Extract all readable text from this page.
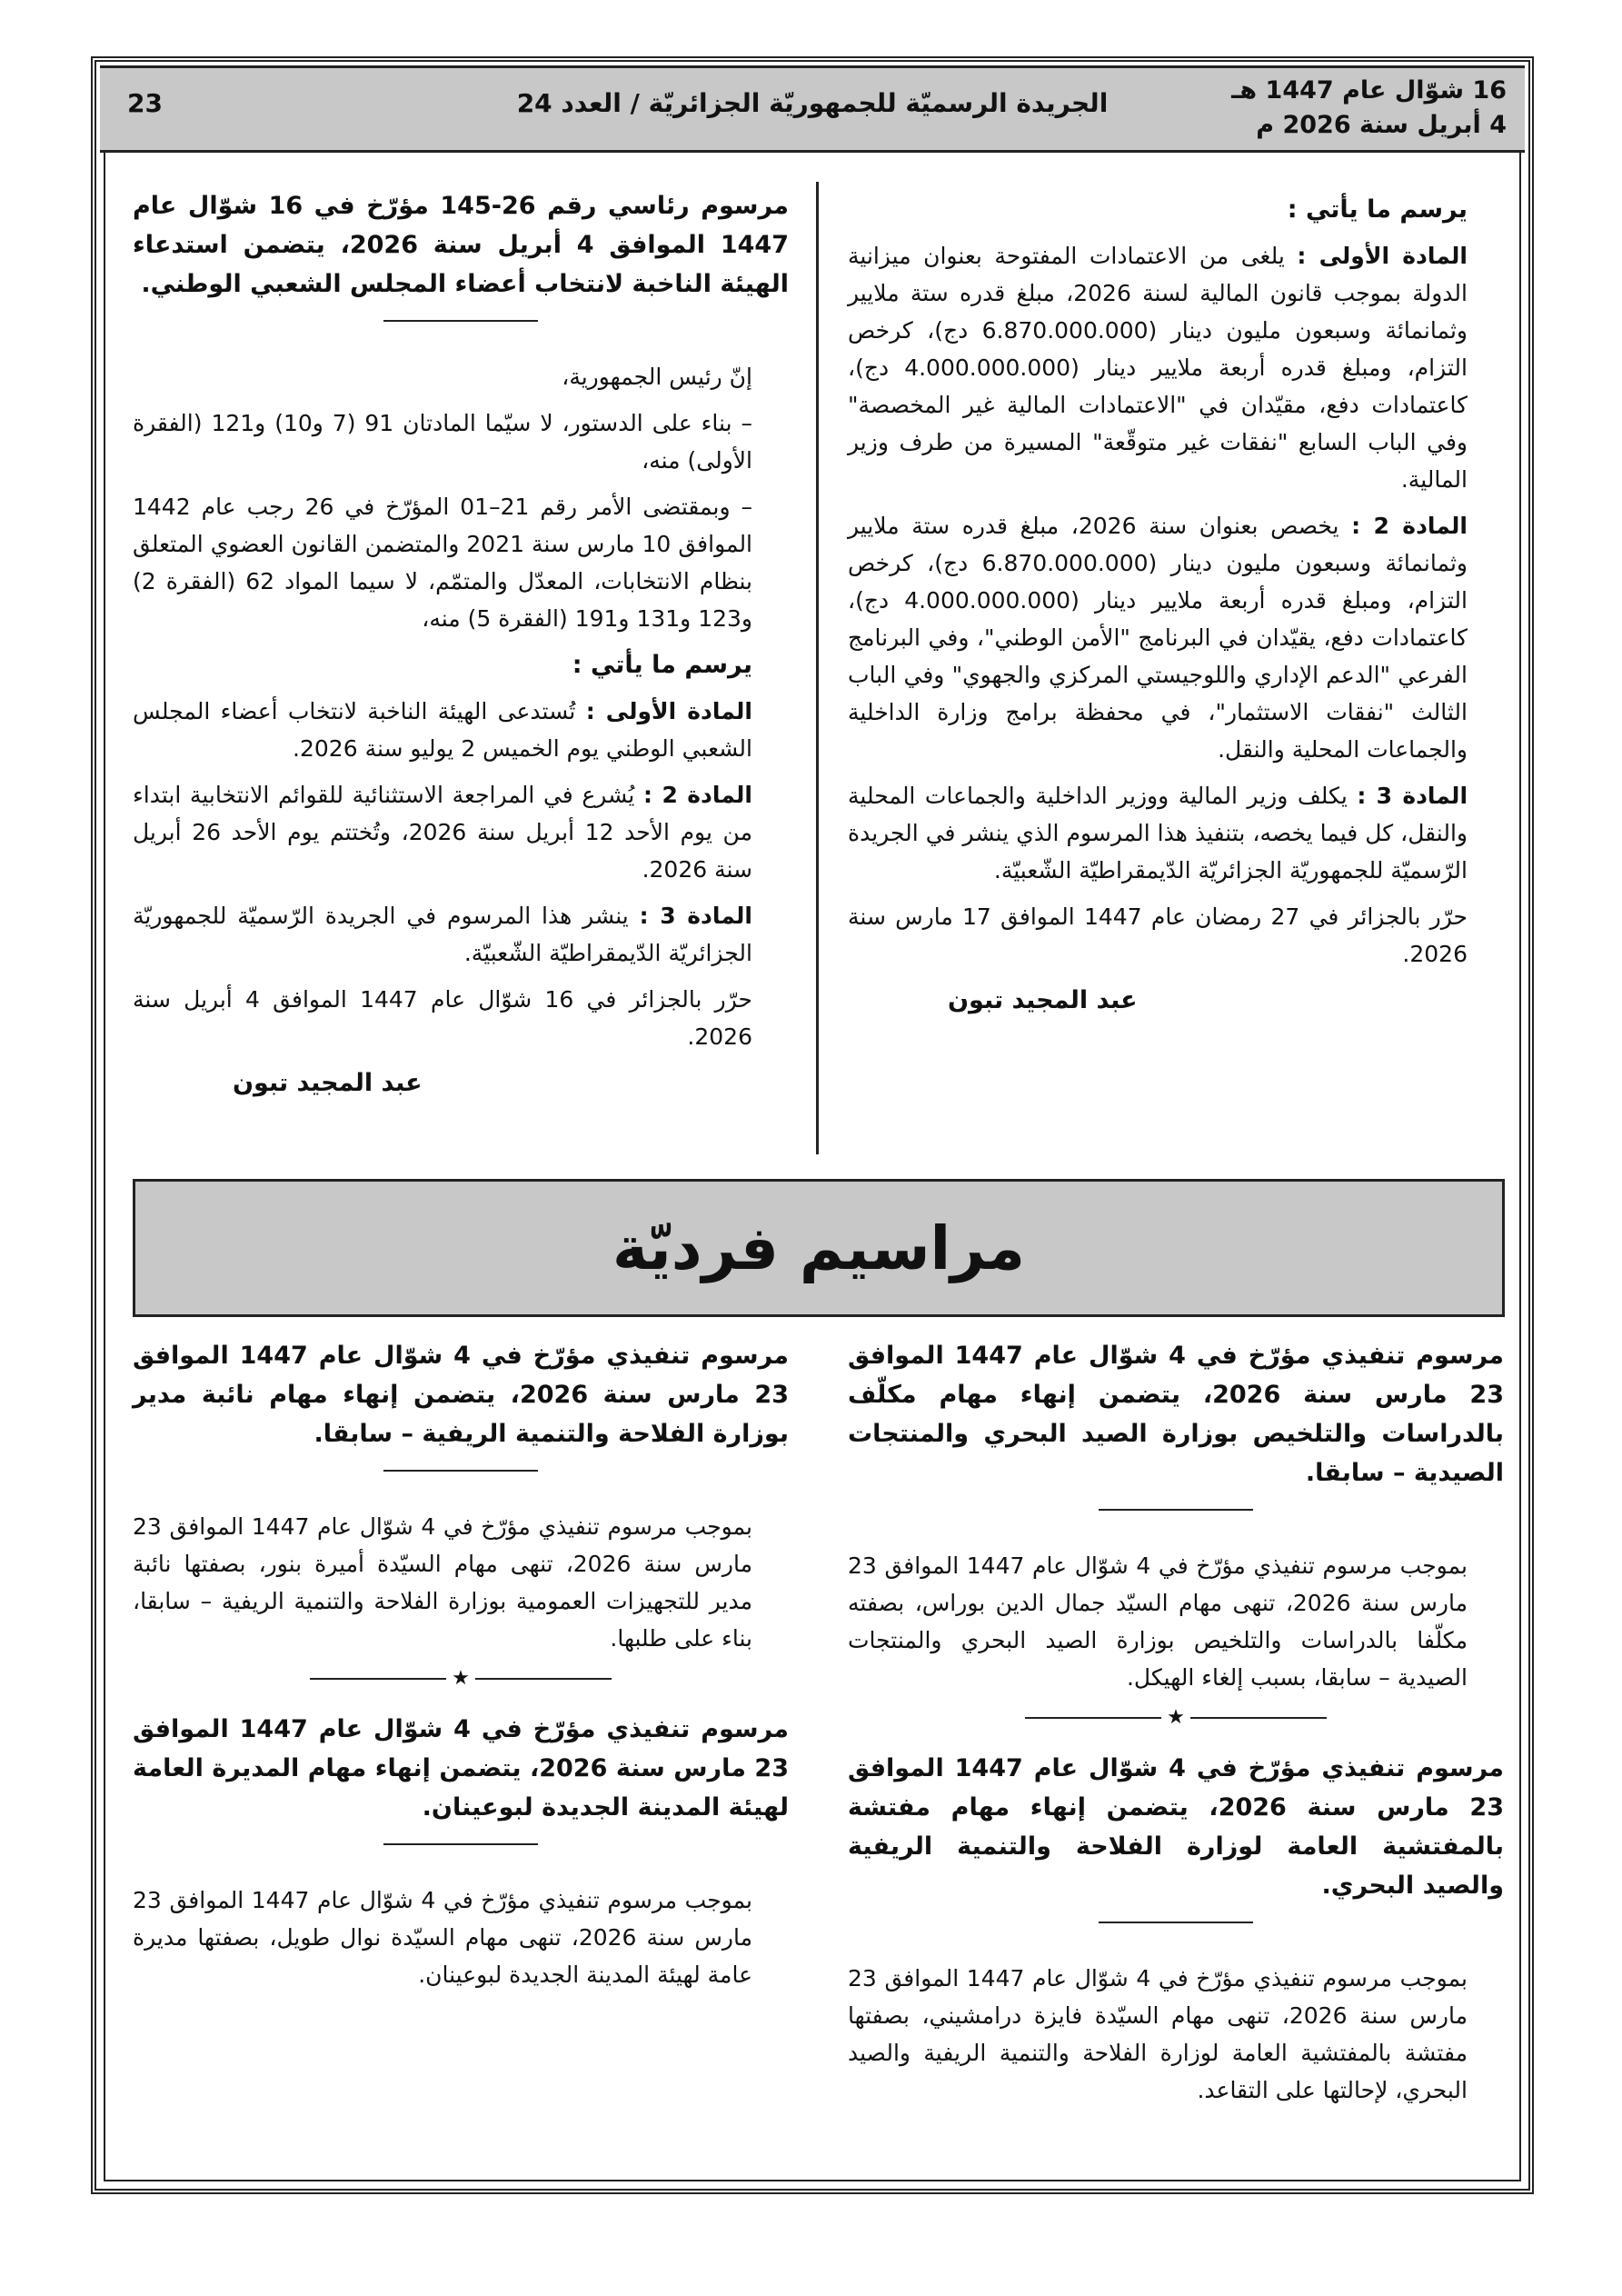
16 شوّال عام 1447 هـ
4 أبريل سنة 2026 م
الجريدة الرسميّة للجمهوريّة الجزائريّة / العدد 24
23

يرسم ما يأتي :

المادة الأولى : يلغى من الاعتمادات المفتوحة بعنوان ميزانية الدولة بموجب قانون المالية لسنة 2026، مبلغ قدره ستة ملايير وثمانمائة وسبعون مليون دينار (6.870.000.000 دج)، كرخص التزام، ومبلغ قدره أربعة ملايير دينار (4.000.000.000 دج)، كاعتمادات دفع، مقيّدان في "الاعتمادات المالية غير المخصصة" وفي الباب السابع "نفقات غير متوقّعة" المسيرة من طرف وزير المالية.

المادة 2 : يخصص بعنوان سنة 2026، مبلغ قدره ستة ملايير وثمانمائة وسبعون مليون دينار (6.870.000.000 دج)، كرخص التزام، ومبلغ قدره أربعة ملايير دينار (4.000.000.000 دج)، كاعتمادات دفع، يقيّدان في البرنامج "الأمن الوطني"، وفي البرنامج الفرعي "الدعم الإداري واللوجيستي المركزي والجهوي" وفي الباب الثالث "نفقات الاستثمار"، في محفظة برامج وزارة الداخلية والجماعات المحلية والنقل.

المادة 3 : يكلف وزير المالية ووزير الداخلية والجماعات المحلية والنقل، كل فيما يخصه، بتنفيذ هذا المرسوم الذي ينشر في الجريدة الرّسميّة للجمهوريّة الجزائريّة الدّيمقراطيّة الشّعبيّة.

حرّر بالجزائر في 27 رمضان عام 1447 الموافق 17 مارس سنة 2026.

عبد المجيد تبون

مرسوم رئاسي رقم 26-145 مؤرّخ في 16 شوّال عام 1447 الموافق 4 أبريل سنة 2026، يتضمن استدعاء الهيئة الناخبة لانتخاب أعضاء المجلس الشعبي الوطني.

إنّ رئيس الجمهورية،

– بناء على الدستور، لا سيّما المادتان 91 (7 و10) و121 (الفقرة الأولى) منه،

– وبمقتضى الأمر رقم 21–01 المؤرّخ في 26 رجب عام 1442 الموافق 10 مارس سنة 2021 والمتضمن القانون العضوي المتعلق بنظام الانتخابات، المعدّل والمتمّم، لا سيما المواد 62 (الفقرة 2) و123 و131 و191 (الفقرة 5) منه،

يرسم ما يأتي :

المادة الأولى : تُستدعى الهيئة الناخبة لانتخاب أعضاء المجلس الشعبي الوطني يوم الخميس 2 يوليو سنة 2026.

المادة 2 : يُشرع في المراجعة الاستثنائية للقوائم الانتخابية ابتداء من يوم الأحد 12 أبريل سنة 2026، وتُختتم يوم الأحد 26 أبريل سنة 2026.

المادة 3 : ينشر هذا المرسوم في الجريدة الرّسميّة للجمهوريّة الجزائريّة الدّيمقراطيّة الشّعبيّة.

حرّر بالجزائر في 16 شوّال عام 1447 الموافق 4 أبريل سنة 2026.

عبد المجيد تبون

مراسيم فرديّة

مرسوم تنفيذي مؤرّخ في 4 شوّال عام 1447 الموافق 23 مارس سنة 2026، يتضمن إنهاء مهام مكلّف بالدراسات والتلخيص بوزارة الصيد البحري والمنتجات الصيدية – سابقا.

بموجب مرسوم تنفيذي مؤرّخ في 4 شوّال عام 1447 الموافق 23 مارس سنة 2026، تنهى مهام السيّد جمال الدين بوراس، بصفته مكلّفا بالدراسات والتلخيص بوزارة الصيد البحري والمنتجات الصيدية – سابقا، بسبب إلغاء الهيكل.

★

مرسوم تنفيذي مؤرّخ في 4 شوّال عام 1447 الموافق 23 مارس سنة 2026، يتضمن إنهاء مهام مفتشة بالمفتشية العامة لوزارة الفلاحة والتنمية الريفية والصيد البحري.

بموجب مرسوم تنفيذي مؤرّخ في 4 شوّال عام 1447 الموافق 23 مارس سنة 2026، تنهى مهام السيّدة فايزة درامشيني، بصفتها مفتشة بالمفتشية العامة لوزارة الفلاحة والتنمية الريفية والصيد البحري، لإحالتها على التقاعد.

مرسوم تنفيذي مؤرّخ في 4 شوّال عام 1447 الموافق 23 مارس سنة 2026، يتضمن إنهاء مهام نائبة مدير بوزارة الفلاحة والتنمية الريفية – سابقا.

بموجب مرسوم تنفيذي مؤرّخ في 4 شوّال عام 1447 الموافق 23 مارس سنة 2026، تنهى مهام السيّدة أميرة بنور، بصفتها نائبة مدير للتجهيزات العمومية بوزارة الفلاحة والتنمية الريفية – سابقا، بناء على طلبها.

★

مرسوم تنفيذي مؤرّخ في 4 شوّال عام 1447 الموافق 23 مارس سنة 2026، يتضمن إنهاء مهام المديرة العامة لهيئة المدينة الجديدة لبوعينان.

بموجب مرسوم تنفيذي مؤرّخ في 4 شوّال عام 1447 الموافق 23 مارس سنة 2026، تنهى مهام السيّدة نوال طويل، بصفتها مديرة عامة لهيئة المدينة الجديدة لبوعينان.
